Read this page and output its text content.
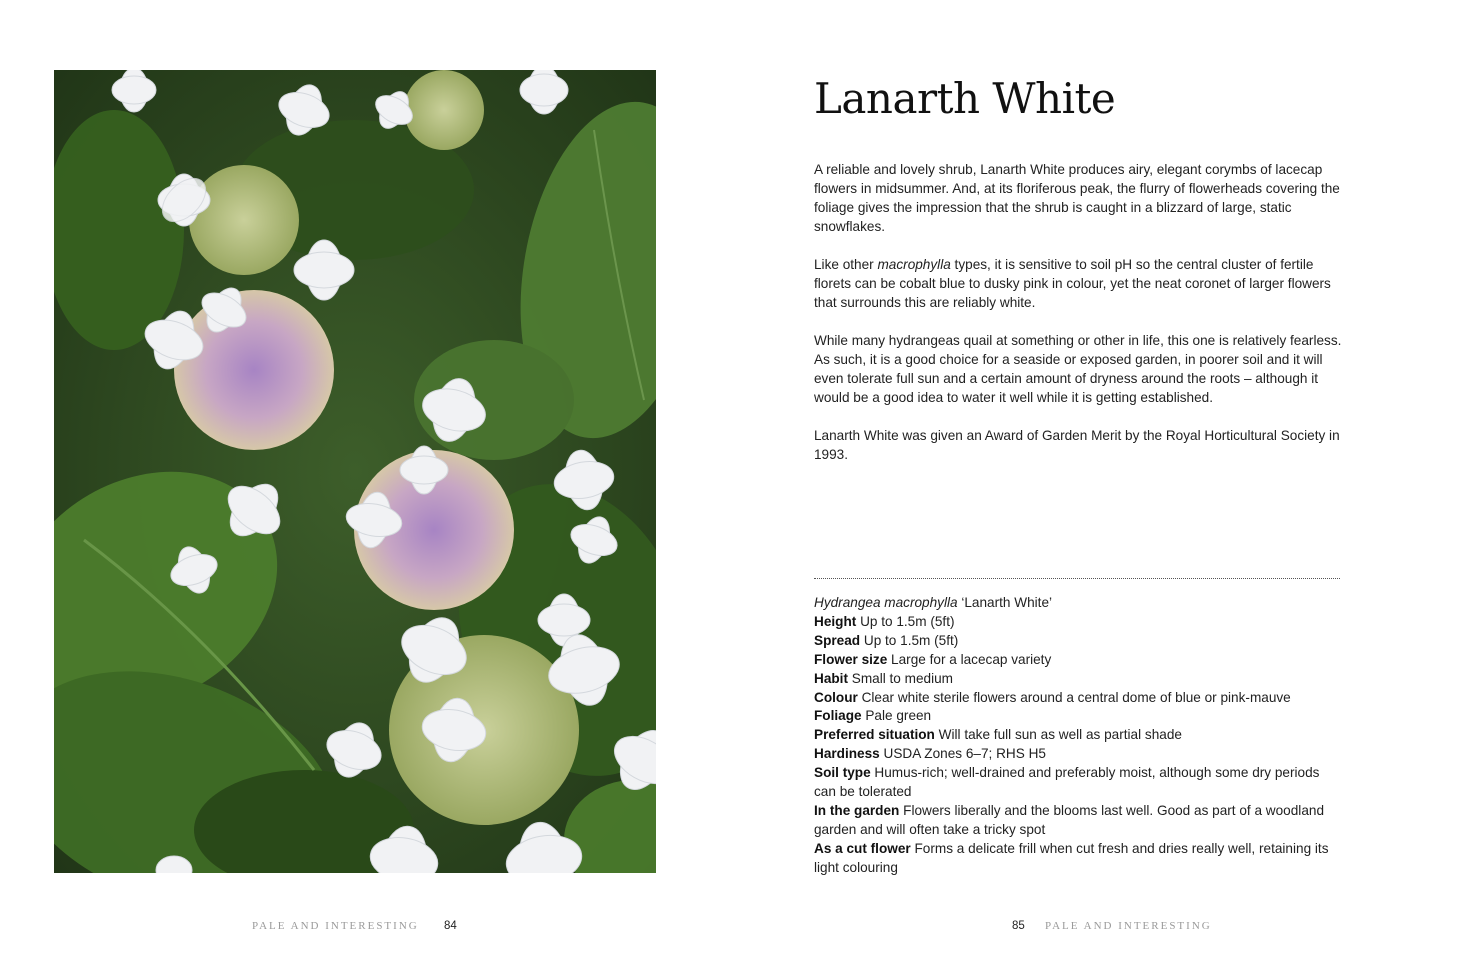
Lanarth White

A reliable and lovely shrub, Lanarth White produces airy, elegant corymbs of lacecap flowers in midsummer. And, at its floriferous peak, the flurry of flowerheads covering the foliage gives the impression that the shrub is caught in a blizzard of large, static snowflakes.

Like other macrophylla types, it is sensitive to soil pH so the central cluster of fertile florets can be cobalt blue to dusky pink in colour, yet the neat coronet of larger flowers that surrounds this are reliably white.

While many hydrangeas quail at something or other in life, this one is relatively fearless. As such, it is a good choice for a seaside or exposed garden, in poorer soil and it will even tolerate full sun and a certain amount of dryness around the roots – although it would be a good idea to water it well while it is getting established.

Lanarth White was given an Award of Garden Merit by the Royal Horticultural Society in 1993.

Hydrangea macrophylla ‘Lanarth White’

Height Up to 1.5m (5ft)

Spread Up to 1.5m (5ft)

Flower size Large for a lacecap variety

Habit Small to medium

Colour Clear white sterile flowers around a central dome of blue or pink-mauve

Foliage Pale green

Preferred situation Will take full sun as well as partial shade

Hardiness USDA Zones 6–7; RHS H5

Soil type Humus-rich; well-drained and preferably moist, although some dry periods can be tolerated

In the garden Flowers liberally and the blooms last well. Good as part of a woodland garden and will often take a tricky spot

As a cut flower Forms a delicate frill when cut fresh and dries really well, retaining its light colouring

PALE AND INTERESTING 84	85 PALE AND INTERESTING
